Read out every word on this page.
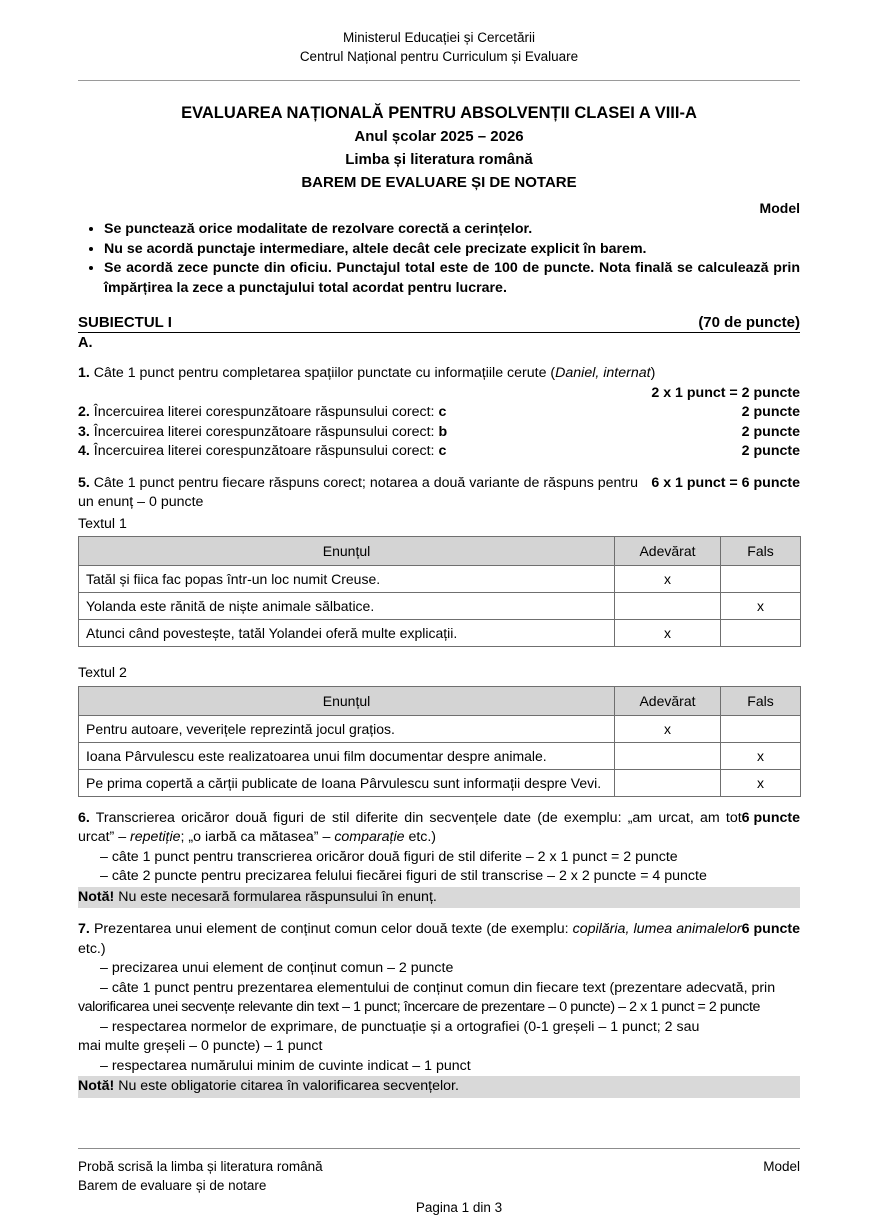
Ministerul Educației și Cercetării
Centrul Național pentru Curriculum și Evaluare
EVALUAREA NAȚIONALĂ PENTRU ABSOLVENȚII CLASEI A VIII-A
Anul școlar 2025 – 2026
Limba și literatura română
BAREM DE EVALUARE ȘI DE NOTARE
Model
• Se punctează orice modalitate de rezolvare corectă a cerințelor.
• Nu se acordă punctaje intermediare, altele decât cele precizate explicit în barem.
• Se acordă zece puncte din oficiu. Punctajul total este de 100 de puncte. Nota finală se calculează prin împărțirea la zece a punctajului total acordat pentru lucrare.
SUBIECTUL I	(70 de puncte)
A.
1. Câte 1 punct pentru completarea spațiilor punctate cu informațiile cerute (Daniel, internat)
2 x 1 punct = 2 puncte
2. Încercuirea literei corespunzătoare răspunsului corect: c	2 puncte
3. Încercuirea literei corespunzătoare răspunsului corect: b	2 puncte
4. Încercuirea literei corespunzătoare răspunsului corect: c	2 puncte
6 x 1 punct = 6 puncte
5. Câte 1 punct pentru fiecare răspuns corect; notarea a două variante de răspuns pentru un enunț – 0 puncte
Textul 1
Enunțul	Adevărat	Fals
Tatăl și fiica fac popas într-un loc numit Creuse.	x	
Yolanda este rănită de niște animale sălbatice.		x
Atunci când povestește, tatăl Yolandei oferă multe explicații.	x	
Textul 2
Enunțul	Adevărat	Fals
Pentru autoare, veverițele reprezintă jocul grațios.	x	
Ioana Pârvulescu este realizatoarea unui film documentar despre animale.		x
Pe prima copertă a cărții publicate de Ioana Pârvulescu sunt informații despre Vevi.		x
6 puncte
6. Transcrierea oricăror două figuri de stil diferite din secvențele date (de exemplu: „am urcat, am tot urcat” – repetiție; „o iarbă ca mătasea” – comparație etc.)
– câte 1 punct pentru transcrierea oricăror două figuri de stil diferite – 2 x 1 punct = 2 puncte
– câte 2 puncte pentru precizarea felului fiecărei figuri de stil transcrise – 2 x 2 puncte = 4 puncte
Notă! Nu este necesară formularea răspunsului în enunț.
6 puncte
7. Prezentarea unui element de conținut comun celor două texte (de exemplu: copilăria, lumea animalelor etc.)
– precizarea unui element de conținut comun – 2 puncte
– câte 1 punct pentru prezentarea elementului de conținut comun din fiecare text (prezentare adecvată, prin
valorificarea unei secvențe relevante din text – 1 punct; încercare de prezentare – 0 puncte) – 2 x 1 punct = 2 puncte
– respectarea normelor de exprimare, de punctuație și a ortografiei (0-1 greșeli – 1 punct; 2 sau
mai multe greșeli – 0 puncte) – 1 punct
– respectarea numărului minim de cuvinte indicat – 1 punct
Notă! Nu este obligatorie citarea în valorificarea secvențelor.
Probă scrisă la limba și literatura română	Model
Barem de evaluare și de notare
Pagina 1 din 3
